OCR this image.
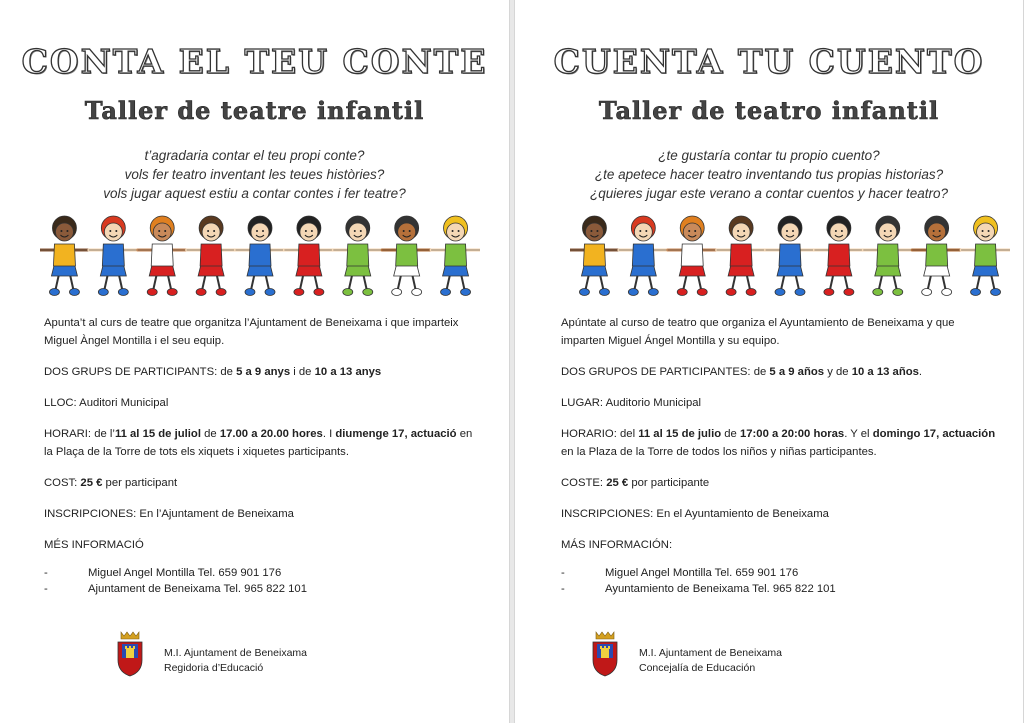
CONTA EL TEU CONTE
Taller de teatre infantil
t’agradaria contar el teu propi conte?
vols fer teatro inventant les teues històries?
vols jugar aquest estiu a contar contes i fer teatre?
Apunta’t al curs de teatre que organitza l’Ajuntament de Beneixama i que imparteix Miguel Àngel Montilla i el seu equip.
DOS GRUPS DE PARTICIPANTS: de 5 a 9 anys i de 10 a 13 anys
LLOC: Auditori Municipal
HORARI: de l’11 al 15 de juliol de 17.00 a 20.00 hores. I diumenge 17, actuació en la Plaça de la Torre de tots els xiquets i xiquetes participants.
COST: 25 € per participant
INSCRIPCIONES: En l’Ajuntament de Beneixama
MÉS INFORMACIÓ
-	Miguel Angel Montilla Tel. 659 901 176
-	Ajuntament de Beneixama Tel. 965 822 101
M.I. Ajuntament de Beneixama
Regidoria d’Educació
CUENTA TU CUENTO
Taller de teatro infantil
¿te gustaría contar tu propio cuento?
¿te apetece hacer teatro inventando tus propias historias?
¿quieres jugar este verano a contar cuentos y hacer teatro?
Apúntate al curso de teatro que organiza el Ayuntamiento de Beneixama y que imparten Miguel Ángel Montilla y su equipo.
DOS GRUPOS DE PARTICIPANTES: de 5 a 9 años y de 10 a 13 años.
LUGAR: Auditorio Municipal
HORARIO: del 11 al 15 de julio de 17:00 a 20:00 horas. Y el domingo 17, actuación en la Plaza de la Torre de todos los niños y niñas participantes.
COSTE: 25 € por participante
INSCRIPCIONES: En el Ayuntamiento de Beneixama
MÁS INFORMACIÓN:
-	Miguel Angel Montilla Tel. 659 901 176
-	Ayuntamiento de Beneixama Tel. 965 822 101
M.I. Ajuntament de Beneixama
Concejalía de Educación
